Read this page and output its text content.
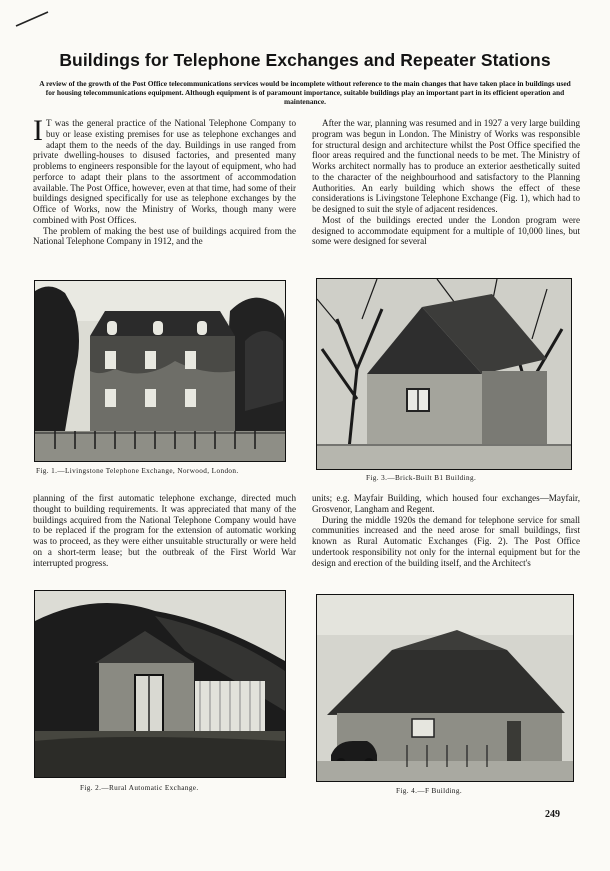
Buildings for Telephone Exchanges and Repeater Stations
A review of the growth of the Post Office telecommunications services would be incomplete without reference to the main changes that have taken place in buildings used for housing telecommunications equipment. Although equipment is of paramount importance, suitable buildings play an important part in its efficient operation and maintenance.
I T was the general practice of the National Telephone Company to buy or lease existing premises for use as telephone exchanges and adapt them to the needs of the day. Buildings in use ranged from private dwelling-houses to disused factories, and presented many problems to engineers responsible for the layout of equipment, who had perforce to adapt their plans to the assortment of accommodation available. The Post Office, however, even at that time, had some of their buildings designed specifically for use as telephone exchanges by the Office of Works, now the Ministry of Works, though many were combined with Post Offices.

The problem of making the best use of buildings acquired from the National Telephone Company in 1912, and the

After the war, planning was resumed and in 1927 a very large building program was begun in London. The Ministry of Works was responsible for structural design and architecture whilst the Post Office specified the floor areas required and the functional needs to be met. The Ministry of Works architect normally has to produce an exterior aesthetically suited to the character of the neighbourhood and satisfactory to the Planning Authorities. An early building which shows the effect of these considerations is Livingstone Telephone Exchange (Fig. 1), which had to be designed to suit the style of adjacent residences.

Most of the buildings erected under the London program were designed to accommodate equipment for a multiple of 10,000 lines, but some were designed for several

Fig. 1.—Livingstone Telephone Exchange, Norwood, London.
Fig. 3.—Brick-Built B1 Building.

planning of the first automatic telephone exchange, directed much thought to building requirements. It was appreciated that many of the buildings acquired from the National Telephone Company would have to be replaced if the program for the extension of automatic working was to proceed, as they were either unsuitable structurally or were held on a short-term lease; but the outbreak of the First World War interrupted progress.

units; e.g. Mayfair Building, which housed four exchanges—Mayfair, Grosvenor, Langham and Regent.

During the middle 1920s the demand for telephone service for small communities increased and the need arose for small buildings, first known as Rural Automatic Exchanges (Fig. 2). The Post Office undertook responsibility not only for the internal equipment but for the design and erection of the building itself, and the Architect's

Fig. 2.—Rural Automatic Exchange.	Fig. 4.—F Building.
249
